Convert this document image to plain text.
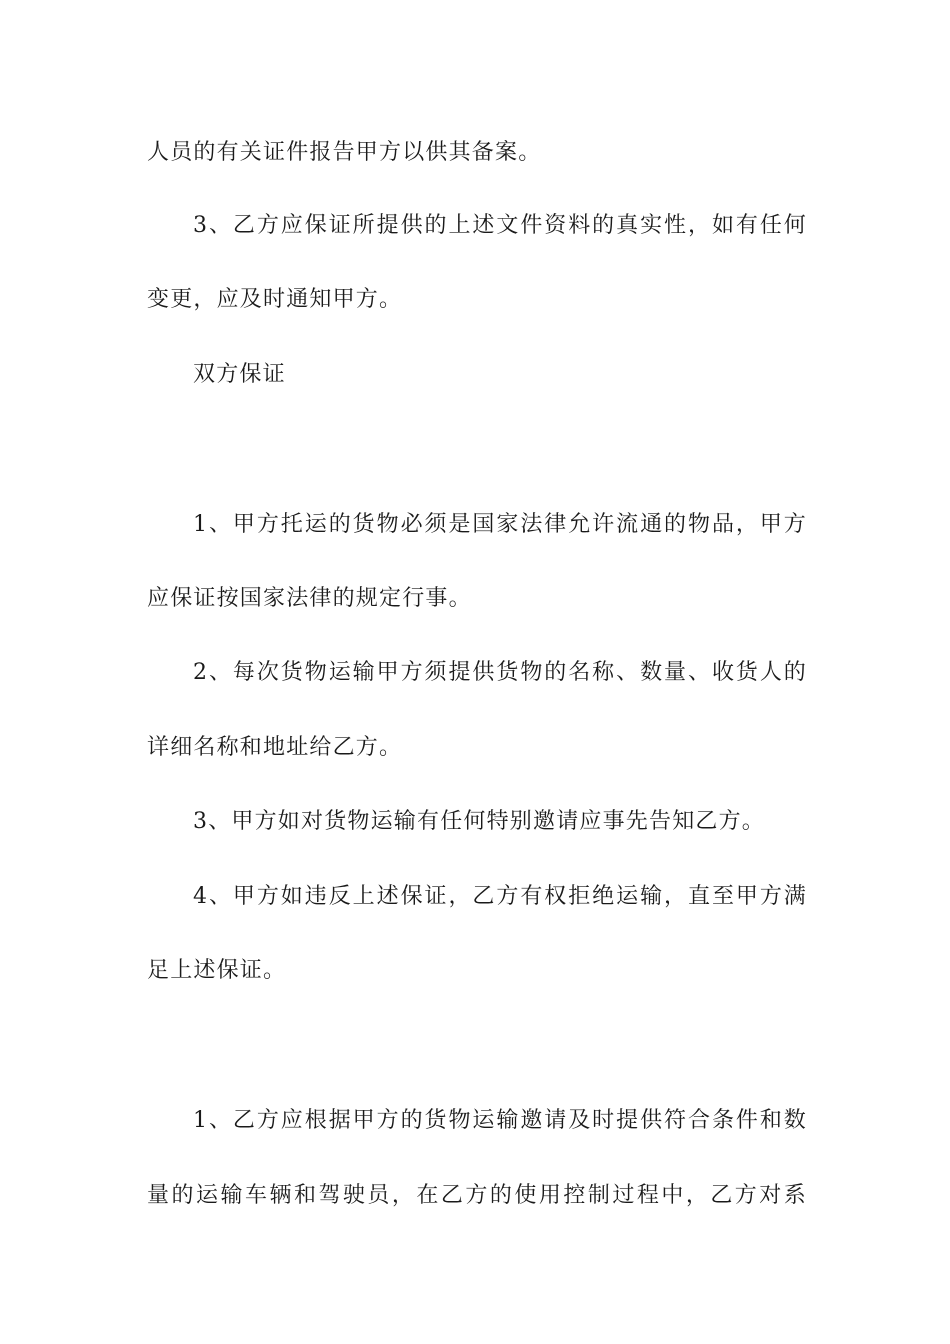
人员的有关证件报告甲方以供其备案。
3、乙方应保证所提供的上述文件资料的真实性，如有任何
变更，应及时通知甲方。
双方保证
1、甲方托运的货物必须是国家法律允许流通的物品，甲方
应保证按国家法律的规定行事。
2、每次货物运输甲方须提供货物的名称、数量、收货人的
详细名称和地址给乙方。
3、甲方如对货物运输有任何特别邀请应事先告知乙方。
4、甲方如违反上述保证，乙方有权拒绝运输，直至甲方满
足上述保证。
1、乙方应根据甲方的货物运输邀请及时提供符合条件和数
量的运输车辆和驾驶员，在乙方的使用控制过程中，乙方对系
